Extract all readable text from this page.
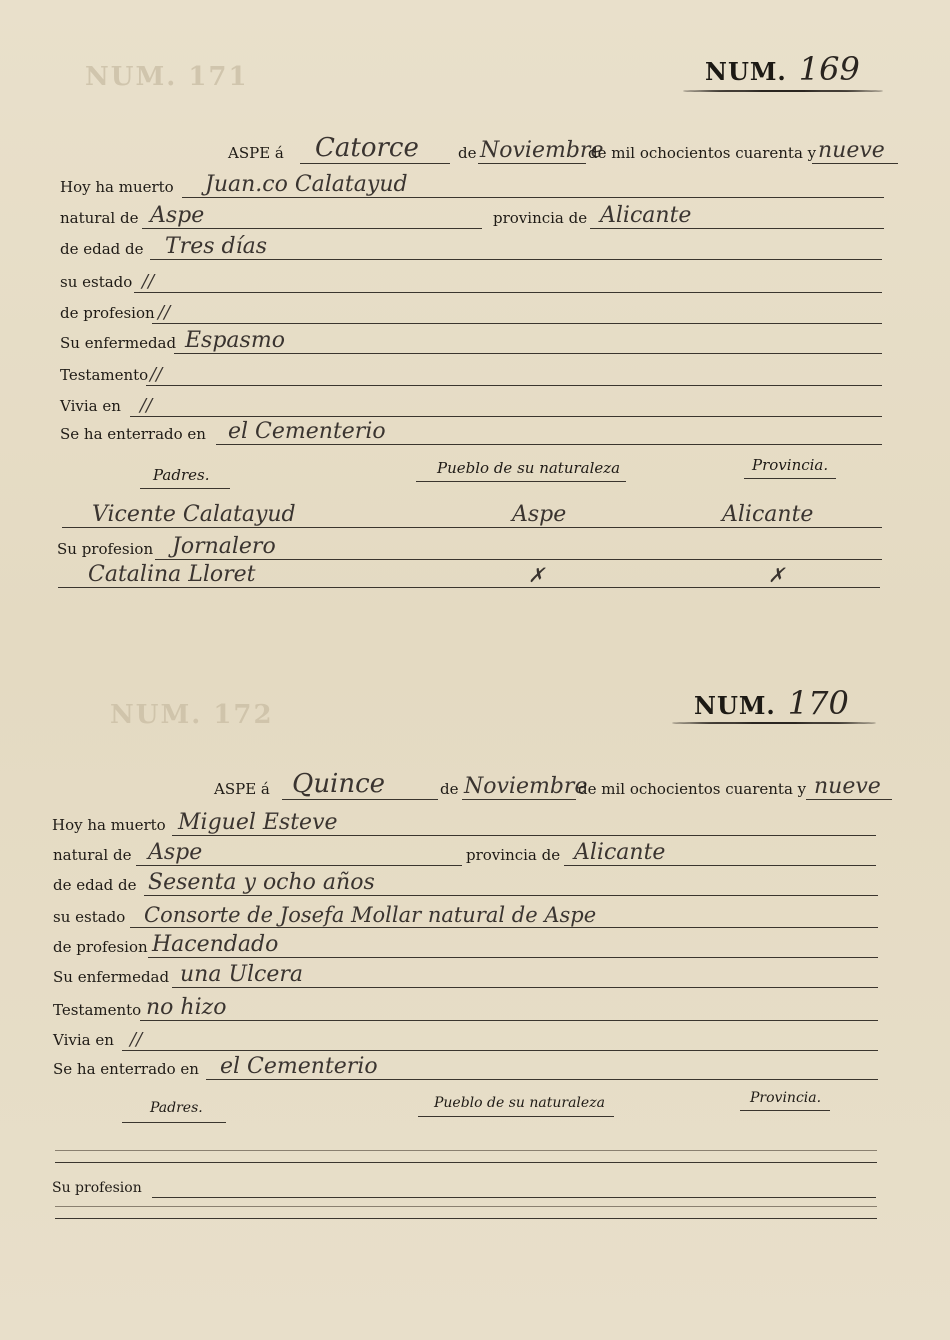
NUM. 171
NUM. 172
NUM. 169
ASPE á Catorce	de Noviembre
de mil ochocientos cuarenta y nueve
Hoy ha muerto Juan.co Calatayud
natural de Aspe	provincia de Alicante
de edad de Tres días
su estado //
de profesion //
Su enfermedad Espasmo
Testamento //
Vivia en //
Se ha enterrado en el Cementerio
Padres.	Pueblo de su naturaleza	Provincia.
Vicente Calatayud	Aspe	Alicante
Su profesion Jornalero
Catalina Lloret	✗	✗
NUM. 170
ASPE á Quince	de Noviembre
de mil ochocientos cuarenta y nueve
Hoy ha muerto Miguel Esteve
natural de Aspe	provincia de Alicante
de edad de Sesenta y ocho años
su estado Consorte de Josefa Mollar natural de Aspe
de profesion Hacendado
Su enfermedad una Ulcera
Testamento no hizo
Vivia en //
Se ha enterrado en el Cementerio
Padres.	Pueblo de su naturaleza	Provincia.
Su profesion
